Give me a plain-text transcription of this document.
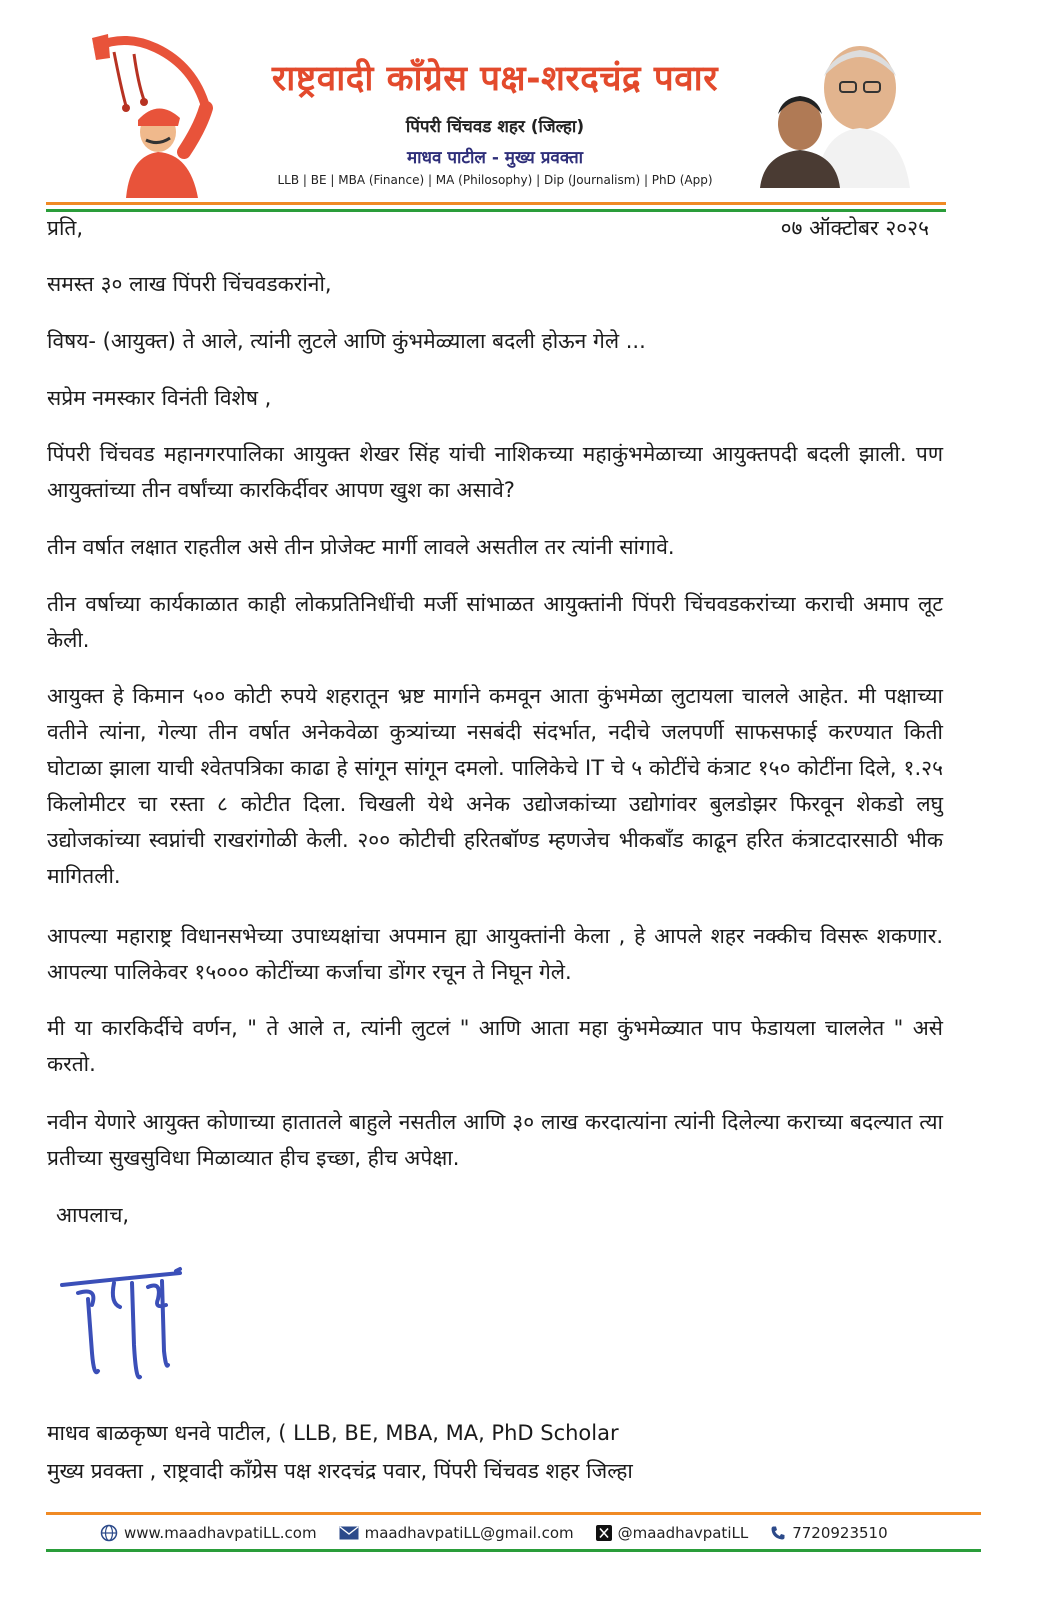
राष्ट्रवादी कॉंग्रेस पक्ष-शरदचंद्र पवार
पिंपरी चिंचवड शहर (जिल्हा)
माधव पाटील - मुख्य प्रवक्ता
LLB | BE | MBA (Finance) | MA (Philosophy) | Dip (Journalism) | PhD (App)
प्रति,	०७ ऑक्टोबर २०२५
समस्त ३० लाख पिंपरी चिंचवडकरांनो,
विषय- (आयुक्त) ते आले, त्यांनी लुटले आणि कुंभमेळ्याला बदली होऊन गेले ...
सप्रेम नमस्कार विनंती विशेष ,

पिंपरी चिंचवड महानगरपालिका आयुक्त शेखर सिंह यांची नाशिकच्या महाकुंभमेळाच्या आयुक्तपदी बदली झाली. पण आयुक्तांच्या तीन वर्षांच्या कारकिर्दीवर आपण खुश का असावे?

तीन वर्षात लक्षात राहतील असे तीन प्रोजेक्ट मार्गी लावले असतील तर त्यांनी सांगावे.

तीन वर्षाच्या कार्यकाळात काही लोकप्रतिनिधींची मर्जी सांभाळत आयुक्तांनी पिंपरी चिंचवडकरांच्या कराची अमाप लूट केली.

आयुक्त हे किमान ५०० कोटी रुपये शहरातून भ्रष्ट मार्गाने कमवून आता कुंभमेळा लुटायला चालले आहेत. मी पक्षाच्या वतीने त्यांना, गेल्या तीन वर्षात अनेकवेळा कुत्र्यांच्या नसबंदी संदर्भात, नदीचे जलपर्णी साफसफाई करण्यात किती घोटाळा झाला याची श्वेतपत्रिका काढा हे सांगून सांगून दमलो. पालिकेचे IT चे ५ कोटींचे कंत्राट १५० कोटींना दिले, १.२५ किलोमीटर चा रस्ता ८ कोटीत दिला. चिखली येथे अनेक उद्योजकांच्या उद्योगांवर बुलडोझर फिरवून शेकडो लघु उद्योजकांच्या स्वप्नांची राखरांगोळी केली. २०० कोटीची हरितबॉण्ड म्हणजेच भीकबाँड काढून हरित कंत्राटदारसाठी भीक मागितली.

आपल्या महाराष्ट्र विधानसभेच्या उपाध्यक्षांचा अपमान ह्या आयुक्तांनी केला , हे आपले शहर नक्कीच विसरू शकणार. आपल्या पालिकेवर १५००० कोटींच्या कर्जाचा डोंगर रचून ते निघून गेले.

मी या कारकिर्दीचे वर्णन, " ते आले त, त्यांनी लुटलं " आणि आता महा कुंभमेळ्यात पाप फेडायला चाललेत " असे करतो.

नवीन येणारे आयुक्त कोणाच्या हातातले बाहुले नसतील आणि ३० लाख करदात्यांना त्यांनी दिलेल्या कराच्या बदल्यात त्या प्रतीच्या सुखसुविधा मिळाव्यात हीच इच्छा, हीच अपेक्षा.

आपलाच,
माधव बाळकृष्ण धनवे पाटील, ( LLB, BE, MBA, MA, PhD Scholar
मुख्य प्रवक्ता , राष्ट्रवादी कॉंग्रेस पक्ष शरदचंद्र पवार, पिंपरी चिंचवड शहर जिल्हा
www.maadhavpatiLL.com	maadhavpatiLL@gmail.com	@maadhavpatiLL	7720923510
